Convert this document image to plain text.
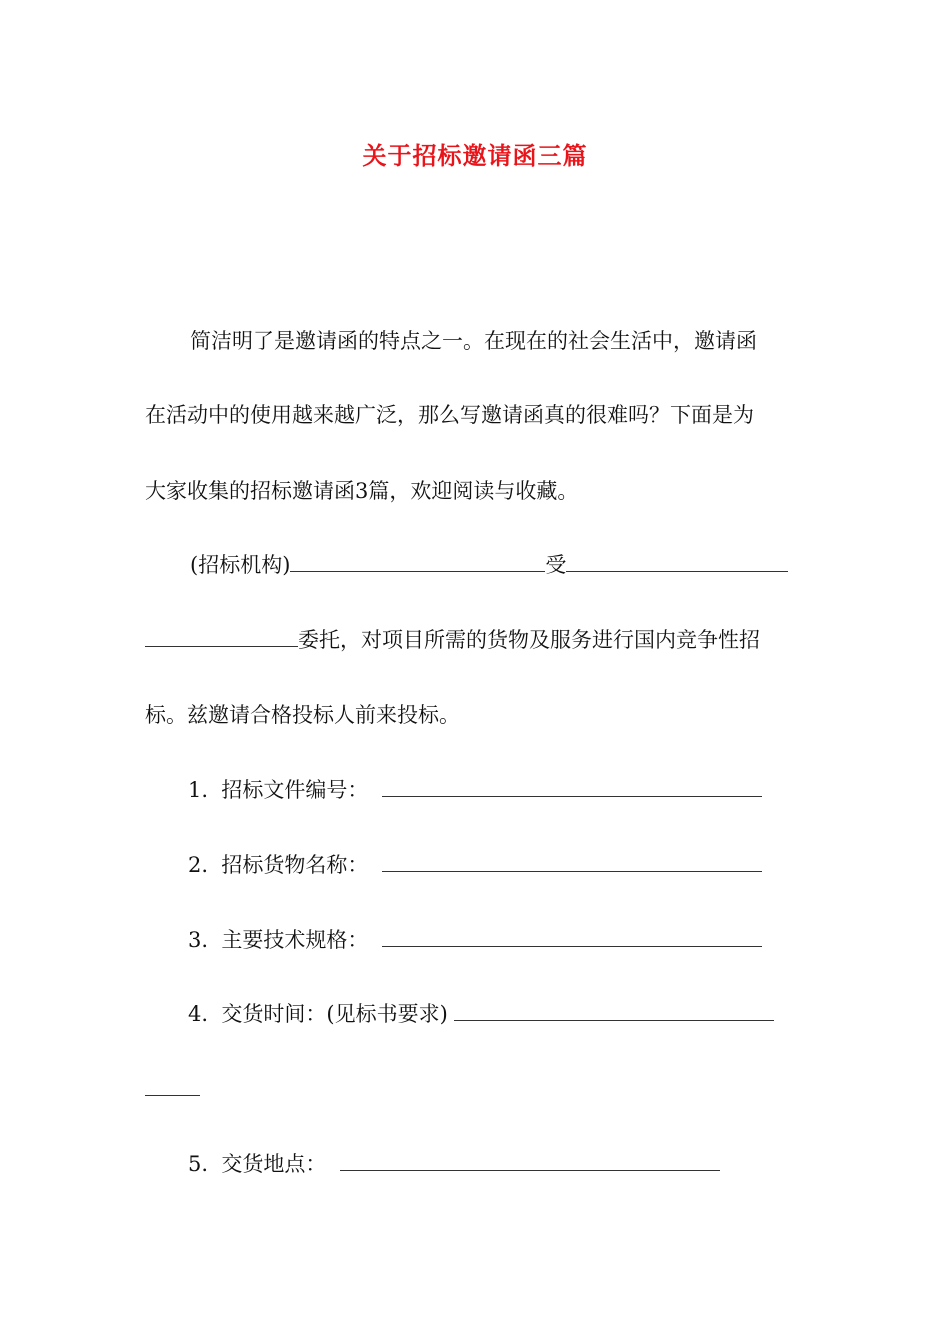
关于招标邀请函三篇
简洁明了是邀请函的特点之一。在现在的社会生活中，邀请函
在活动中的使用越来越广泛，那么写邀请函真的很难吗？下面是为
大家收集的招标邀请函3篇，欢迎阅读与收藏。
(招标机构)	受
委托，对项目所需的货物及服务进行国内竞争性招
标。兹邀请合格投标人前来投标。
1. 招标文件编号：
2. 招标货物名称：
3. 主要技术规格：
4. 交货时间：(见标书要求)
5. 交货地点：
